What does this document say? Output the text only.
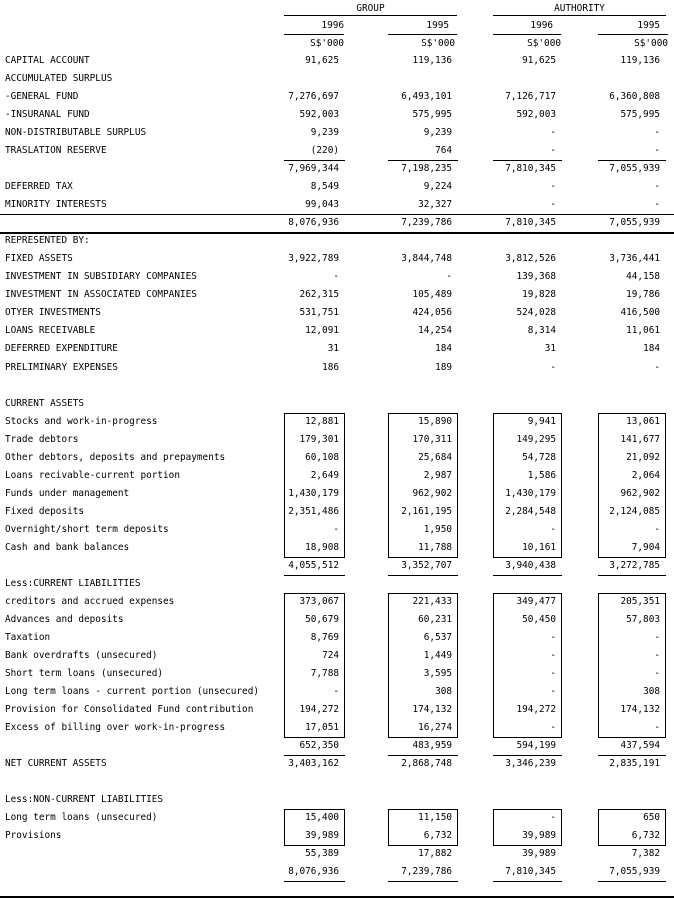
GROUP	AUTHORITY
1996	1995	1996	1995
S$'000	S$'000	S$'000	S$'000
CAPITAL ACCOUNT	91,625	119,136	91,625	119,136
ACCUMULATED SURPLUS
-GENERAL FUND	7,276,697	6,493,101	7,126,717	6,360,808
-INSURANAL FUND	592,003	575,995	592,003	575,995
NON-DISTRIBUTABLE SURPLUS	9,239	9,239	-	-
TRASLATION RESERVE	(220)	764	-	-
7,969,344	7,198,235	7,810,345	7,055,939
DEFERRED TAX	8,549	9,224	-	-
MINORITY INTERESTS	99,043	32,327	-	-
8,076,936	7,239,786	7,810,345	7,055,939
REPRESENTED BY:
FIXED ASSETS	3,922,789	3,844,748	3,812,526	3,736,441
INVESTMENT IN SUBSIDIARY COMPANIES	-	-	139,368	44,158
INVESTMENT IN ASSOCIATED COMPANIES	262,315	105,489	19,828	19,786
OTYER INVESTMENTS	531,751	424,056	524,028	416,500
LOANS RECEIVABLE	12,091	14,254	8,314	11,061
DEFERRED EXPENDITURE	31	184	31	184
PRELIMINARY EXPENSES	186	189	-	-
CURRENT ASSETS
Stocks and work-in-progress	12,881	15,890	9,941	13,061
Trade debtors	179,301	170,311	149,295	141,677
Other debtors, deposits and prepayments	60,108	25,684	54,728	21,092
Loans recivable-current portion	2,649	2,987	1,586	2,064
Funds under management	1,430,179	962,902	1,430,179	962,902
Fixed deposits	2,351,486	2,161,195	2,284,548	2,124,085
Overnight/short term deposits	-	1,950	-	-
Cash and bank balances	18,908	11,788	10,161	7,904
4,055,512	3,352,707	3,940,438	3,272,785
Less:CURRENT LIABILITIES
creditors and accrued expenses	373,067	221,433	349,477	205,351
Advances and deposits	50,679	60,231	50,450	57,803
Taxation	8,769	6,537	-	-
Bank overdrafts (unsecured)	724	1,449	-	-
Short term loans (unsecured)	7,788	3,595	-	-
Long term loans - current portion (unsecured)	-	308	-	308
Provision for Consolidated Fund contribution	194,272	174,132	194,272	174,132
Excess of billing over work-in-progress	17,051	16,274	-	-
652,350	483,959	594,199	437,594
NET CURRENT ASSETS	3,403,162	2,868,748	3,346,239	2,835,191
Less:NON-CURRENT LIABILITIES
Long term loans (unsecured)	15,400	11,150	-	650
Provisions	39,989	6,732	39,989	6,732
55,389	17,882	39,989	7,382
8,076,936	7,239,786	7,810,345	7,055,939
